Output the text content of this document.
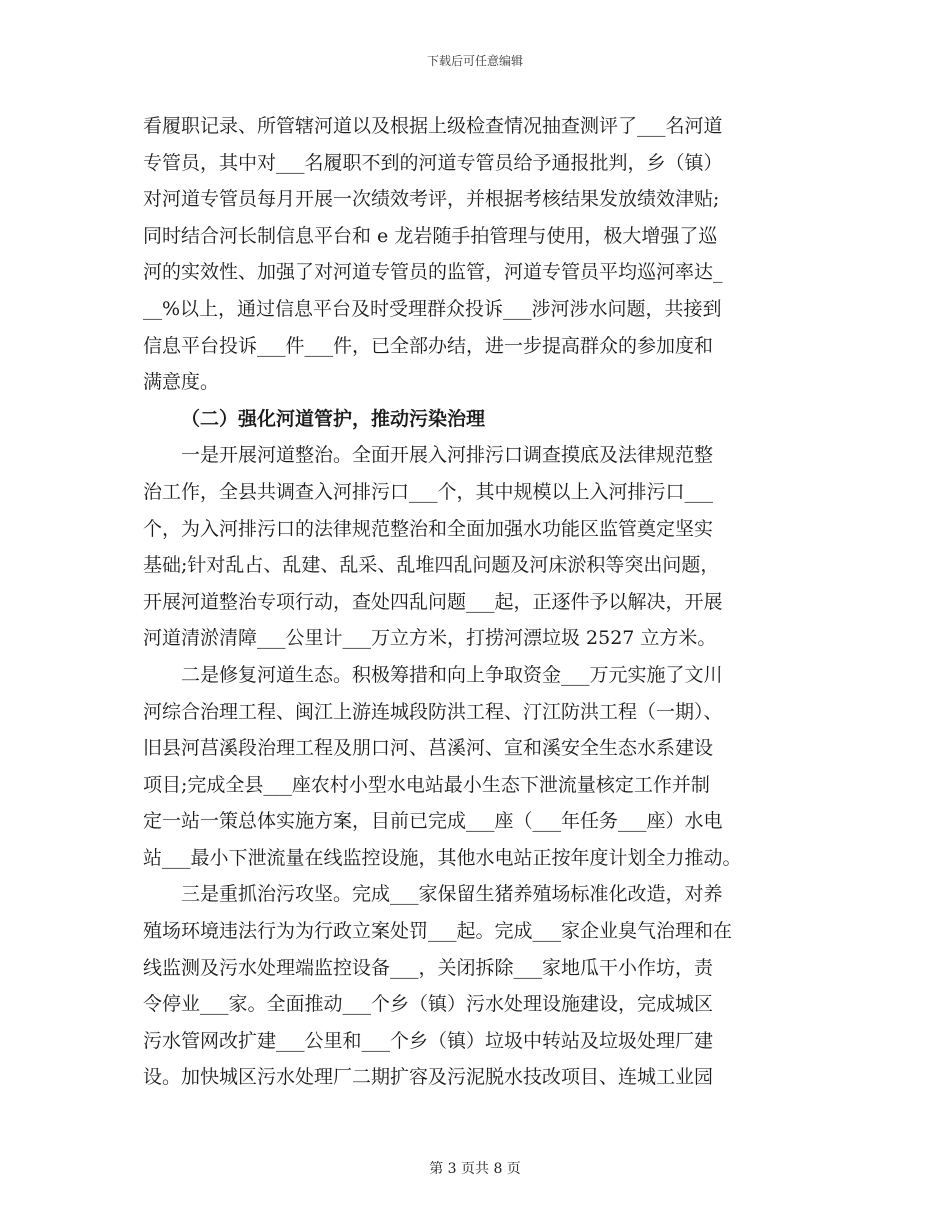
下载后可任意编辑
看履职记录、所管辖河道以及根据上级检查情况抽查测评了___名河道
专管员，其中对___名履职不到的河道专管员给予通报批判，乡（镇）
对河道专管员每月开展一次绩效考评，并根据考核结果发放绩效津贴;
同时结合河长制信息平台和 e 龙岩随手拍管理与使用，极大增强了巡
河的实效性、加强了对河道专管员的监管，河道专管员平均巡河率达_
__%以上，通过信息平台及时受理群众投诉___涉河涉水问题，共接到
信息平台投诉___件___件，已全部办结，进一步提高群众的参加度和
满意度。
（二）强化河道管护，推动污染治理
一是开展河道整治。全面开展入河排污口调查摸底及法律规范整
治工作，全县共调查入河排污口___个，其中规模以上入河排污口___
个，为入河排污口的法律规范整治和全面加强水功能区监管奠定坚实
基础;针对乱占、乱建、乱采、乱堆四乱问题及河床淤积等突出问题，
开展河道整治专项行动，查处四乱问题___起，正逐件予以解决，开展
河道清淤清障___公里计___万立方米，打捞河漂垃圾 2527 立方米。
二是修复河道生态。积极筹措和向上争取资金___万元实施了文川
河综合治理工程、闽江上游连城段防洪工程、汀江防洪工程（一期）、
旧县河莒溪段治理工程及朋口河、莒溪河、宣和溪安全生态水系建设
项目;完成全县___座农村小型水电站最小生态下泄流量核定工作并制
定一站一策总体实施方案，目前已完成___座（___年任务___座）水电
站___最小下泄流量在线监控设施，其他水电站正按年度计划全力推动。
三是重抓治污攻坚。完成___家保留生猪养殖场标准化改造，对养
殖场环境违法行为为行政立案处罚___起。完成___家企业臭气治理和在
线监测及污水处理端监控设备___，关闭拆除___家地瓜干小作坊，责
令停业___家。全面推动___个乡（镇）污水处理设施建设，完成城区
污水管网改扩建___公里和___个乡（镇）垃圾中转站及垃圾处理厂建
设。加快城区污水处理厂二期扩容及污泥脱水技改项目、连城工业园
第 3 页共 8 页
